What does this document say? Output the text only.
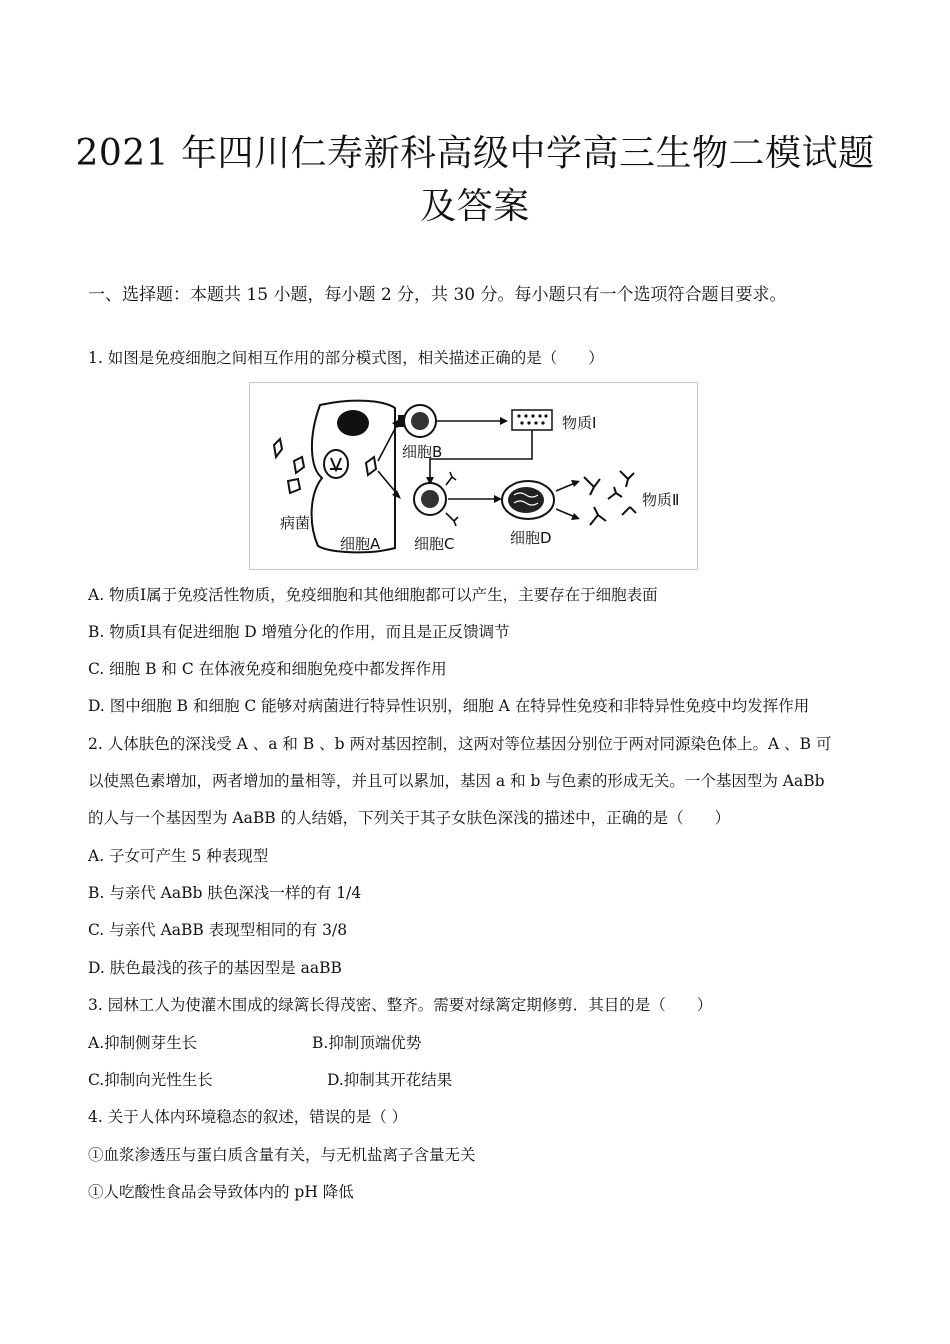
2021 年四川仁寿新科高级中学高三生物二模试题
及答案
一、选择题：本题共 15 小题，每小题 2 分，共 30 分。每小题只有一个选项符合题目要求。
1. 如图是免疫细胞之间相互作用的部分模式图，相关描述正确的是（　　）
病菌
细胞B
物质Ⅰ
细胞C	细胞D
物质Ⅱ
细胞A
A. 物质Ⅰ属于免疫活性物质，免疫细胞和其他细胞都可以产生，主要存在于细胞表面
B. 物质Ⅰ具有促进细胞 D 增殖分化的作用，而且是正反馈调节
C. 细胞 B 和 C 在体液免疫和细胞免疫中都发挥作用
D. 图中细胞 B 和细胞 C 能够对病菌进行特异性识别，细胞 A 在特异性免疫和非特异性免疫中均发挥作用
2. 人体肤色的深浅受 A 、a 和 B 、b 两对基因控制，这两对等位基因分别位于两对同源染色体上。A 、B 可
以使黑色素增加，两者增加的量相等，并且可以累加，基因 a 和 b 与色素的形成无关。一个基因型为 AaBb
的人与一个基因型为 AaBB 的人结婚，下列关于其子女肤色深浅的描述中，正确的是（　　）
A. 子女可产生 5 种表现型
B. 与亲代 AaBb 肤色深浅一样的有 1/4
C. 与亲代 AaBB 表现型相同的有 3/8
D. 肤色最浅的孩子的基因型是 aaBB
3. 园林工人为使灌木围成的绿篱长得茂密、整齐。需要对绿篱定期修剪．其目的是（　　）
A.抑制侧芽生长	B.抑制顶端优势
C.抑制向光性生长	D.抑制其开花结果
4. 关于人体内环境稳态的叙述，错误的是（ ）
①血浆渗透压与蛋白质含量有关，与无机盐离子含量无关
①人吃酸性食品会导致体内的 pH 降低
